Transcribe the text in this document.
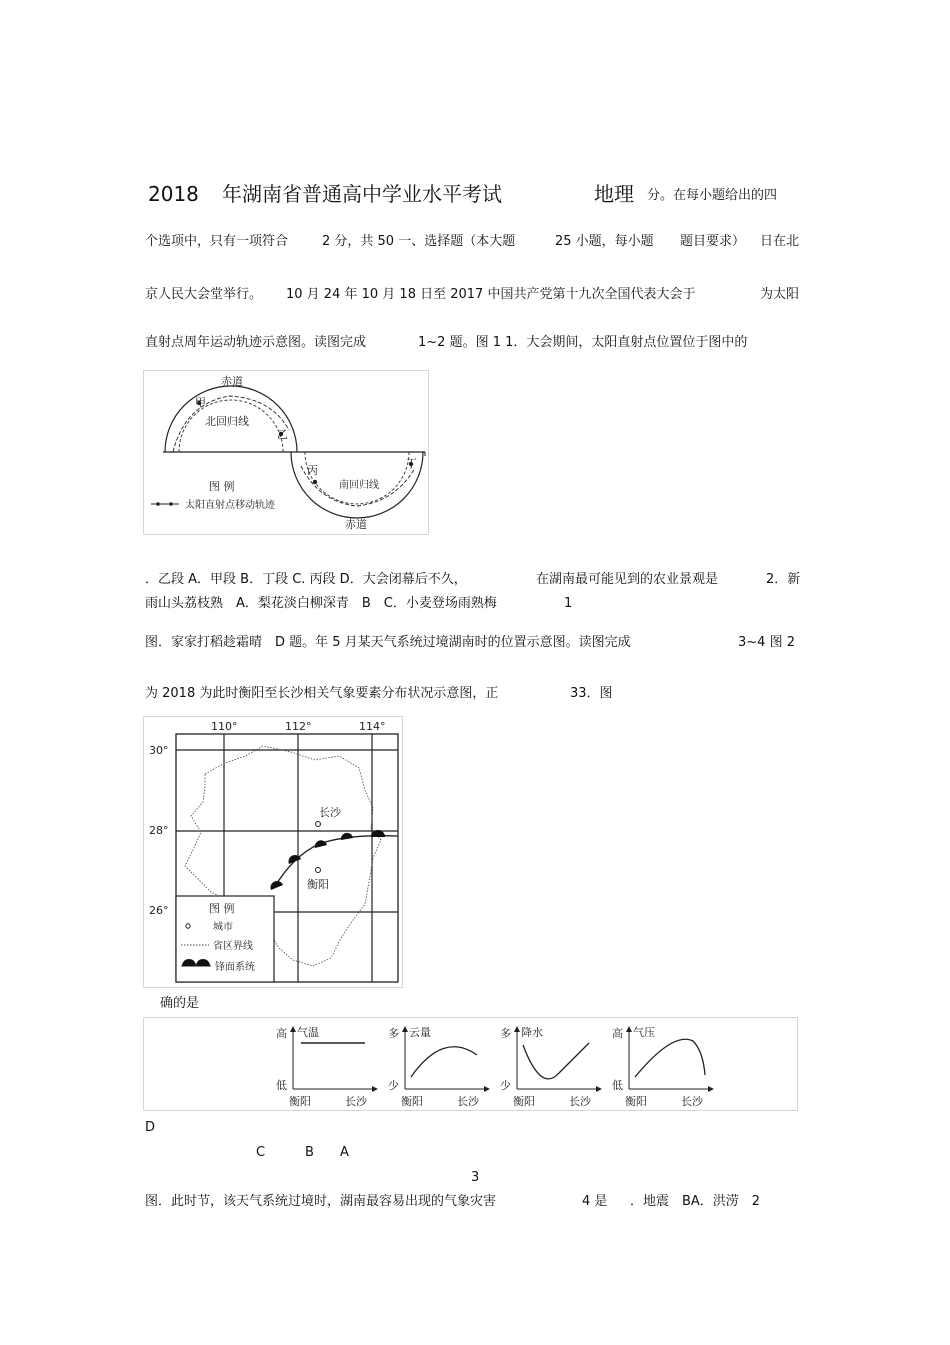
2018 年湖南省普通高中学业水平考试	地理 分。在每小题给出的四
个选项中，只有一项符合	2 分，共 50 一、选择题（本大题	25 小题，每小题 题目要求） 日在北
京人民大会堂举行。 10 月 24 年 10 月 18 日至 2017 中国共产党第十九次全国代表大会于	为太阳
直射点周年运动轨迹示意图。读图完成	1~2 题。图 1 1．大会期间，太阳直射点位置位于图中的
赤道
甲
北回归线
乙
丙
丁
南回归线
赤道
图 例
太阳直射点移动轨迹
．乙段 A．甲段 B．丁段 C. 丙段 D．大会闭幕后不久，	在湖南最可能见到的农业景观是	2．新
雨山头荔枝熟　A．梨花淡白柳深青　B　C．小麦登场雨熟梅	1
图．家家打稻趁霜晴　D 题。年 5 月某天气系统过境湖南时的位置示意图。读图完成	3~4 图 2
为 2018 为此时衡阳至长沙相关气象要素分布状况示意图，正	33．图
110°	112°	114°
30°
28°
26°
长沙
衡阳
图 例
城市
省区界线
锋面系统
确的是
高 气温
低
衡阳	长沙
多 云量
少
衡阳	长沙
多 降水
少
衡阳	长沙
高 气压
低
衡阳	长沙
D
C	B A
3
图．此时节，该天气系统过境时，湖南最容易出现的气象灾害	4 是 ．地震　BA．洪涝　2
